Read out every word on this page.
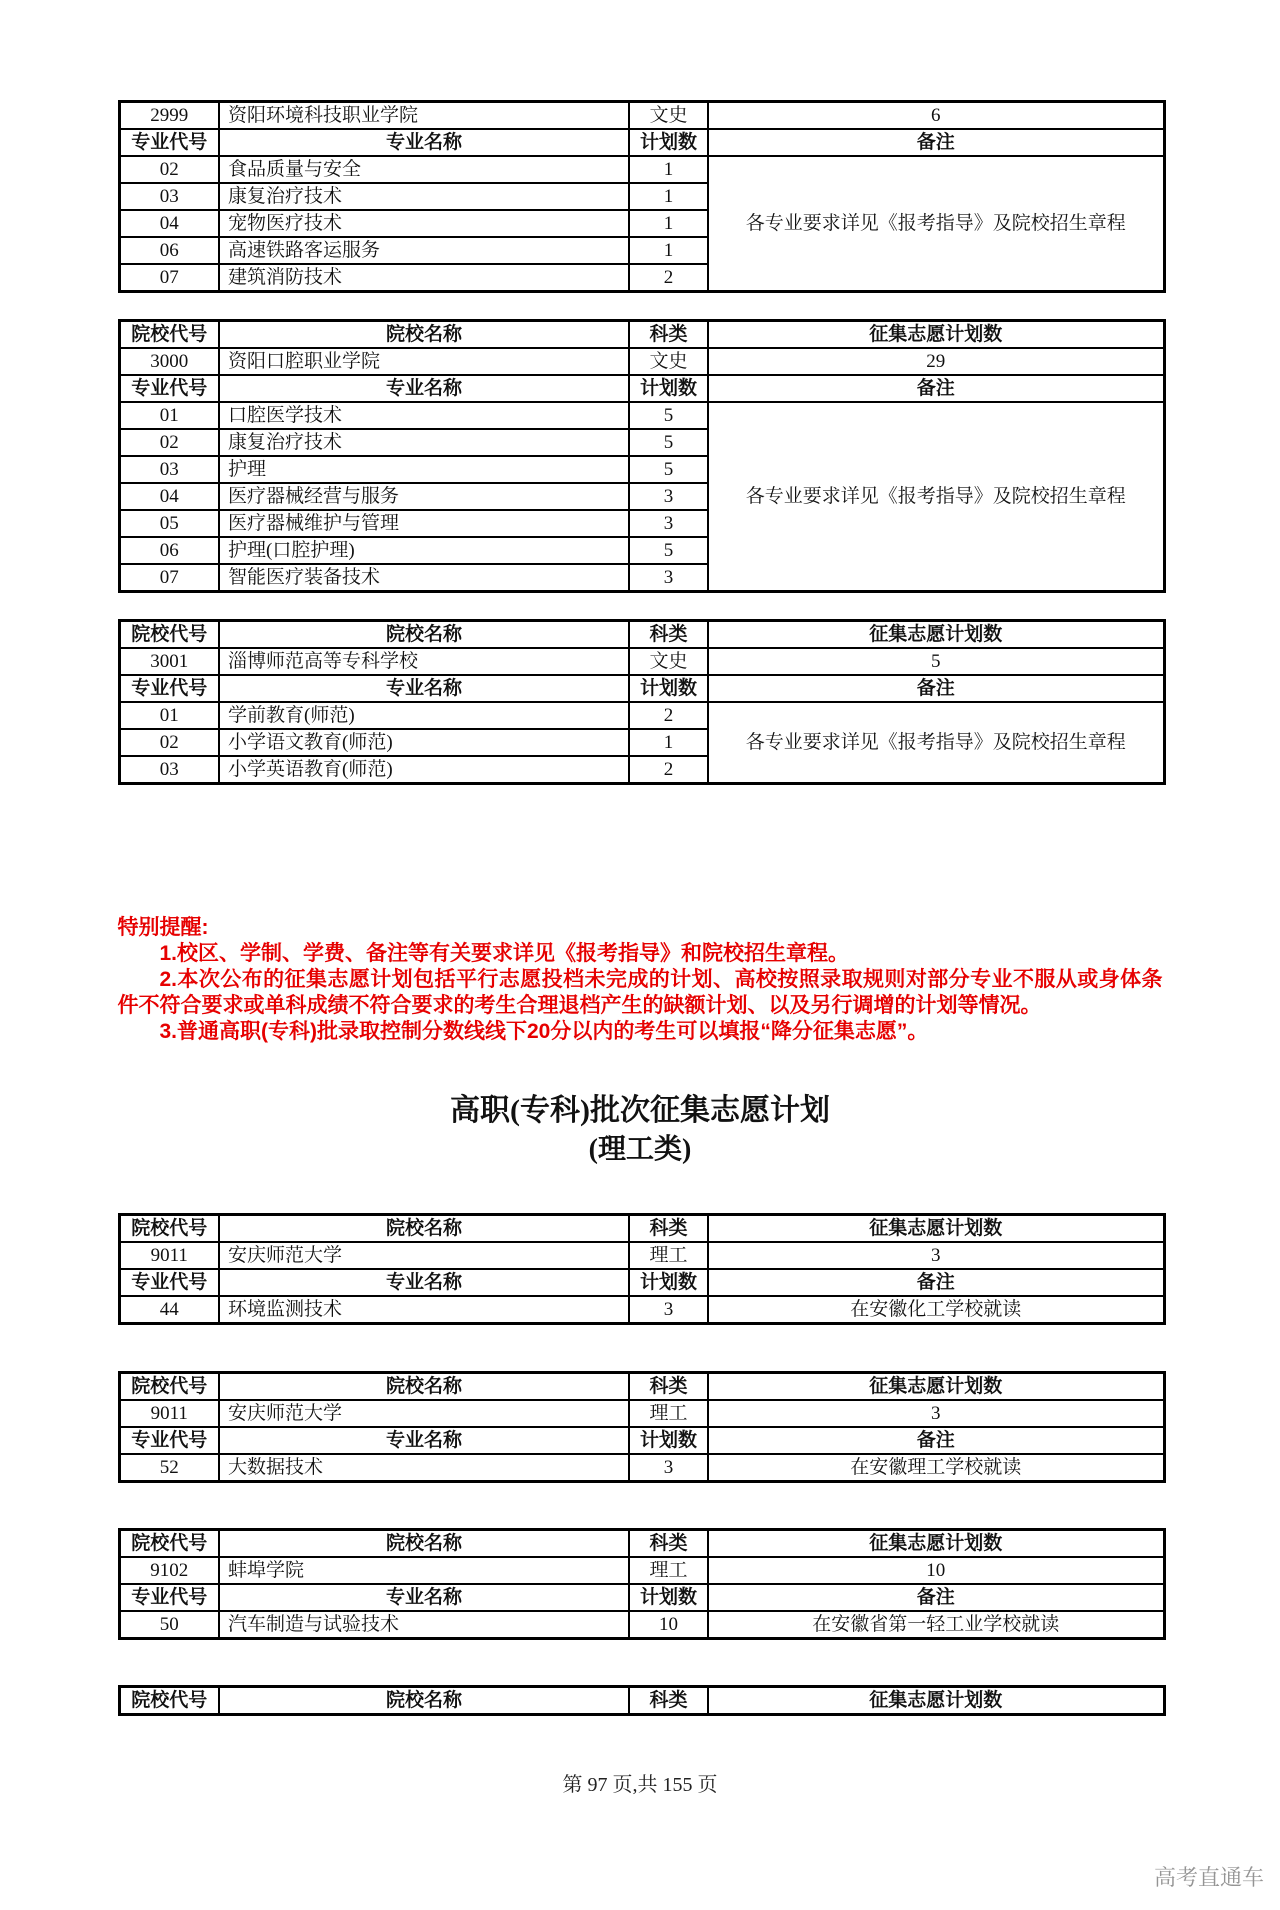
2999	资阳环境科技职业学院	文史	6
专业代号	专业名称	计划数	备注
02	食品质量与安全	1	各专业要求详见《报考指导》及院校招生章程
03	康复治疗技术	1	
04	宠物医疗技术	1	
06	高速铁路客运服务	1	
07	建筑消防技术	2	
院校代号	院校名称	科类	征集志愿计划数
3000	资阳口腔职业学院	文史	29
专业代号	专业名称	计划数	备注
01	口腔医学技术	5	各专业要求详见《报考指导》及院校招生章程
02	康复治疗技术	5	
03	护理	5	
04	医疗器械经营与服务	3	
05	医疗器械维护与管理	3	
06	护理(口腔护理)	5	
07	智能医疗装备技术	3	
院校代号	院校名称	科类	征集志愿计划数
3001	淄博师范高等专科学校	文史	5
专业代号	专业名称	计划数	备注
01	学前教育(师范)	2	各专业要求详见《报考指导》及院校招生章程
02	小学语文教育(师范)	1	
03	小学英语教育(师范)	2	

特别提醒:

1.校区、学制、学费、备注等有关要求详见《报考指导》和院校招生章程。

2.本次公布的征集志愿计划包括平行志愿投档未完成的计划、高校按照录取规则对部分专业不服从或身体条件不符合要求或单科成绩不符合要求的考生合理退档产生的缺额计划、以及另行调增的计划等情况。

3.普通高职(专科)批录取控制分数线线下20分以内的考生可以填报“降分征集志愿”。

高职(专科)批次征集志愿计划
(理工类)
院校代号	院校名称	科类	征集志愿计划数
9011	安庆师范大学	理工	3
专业代号	专业名称	计划数	备注
44	环境监测技术	3	在安徽化工学校就读
院校代号	院校名称	科类	征集志愿计划数
9011	安庆师范大学	理工	3
专业代号	专业名称	计划数	备注
52	大数据技术	3	在安徽理工学校就读
院校代号	院校名称	科类	征集志愿计划数
9102	蚌埠学院	理工	10
专业代号	专业名称	计划数	备注
50	汽车制造与试验技术	10	在安徽省第一轻工业学校就读
院校代号	院校名称	科类	征集志愿计划数
第 97 页,共 155 页
高考直通车
